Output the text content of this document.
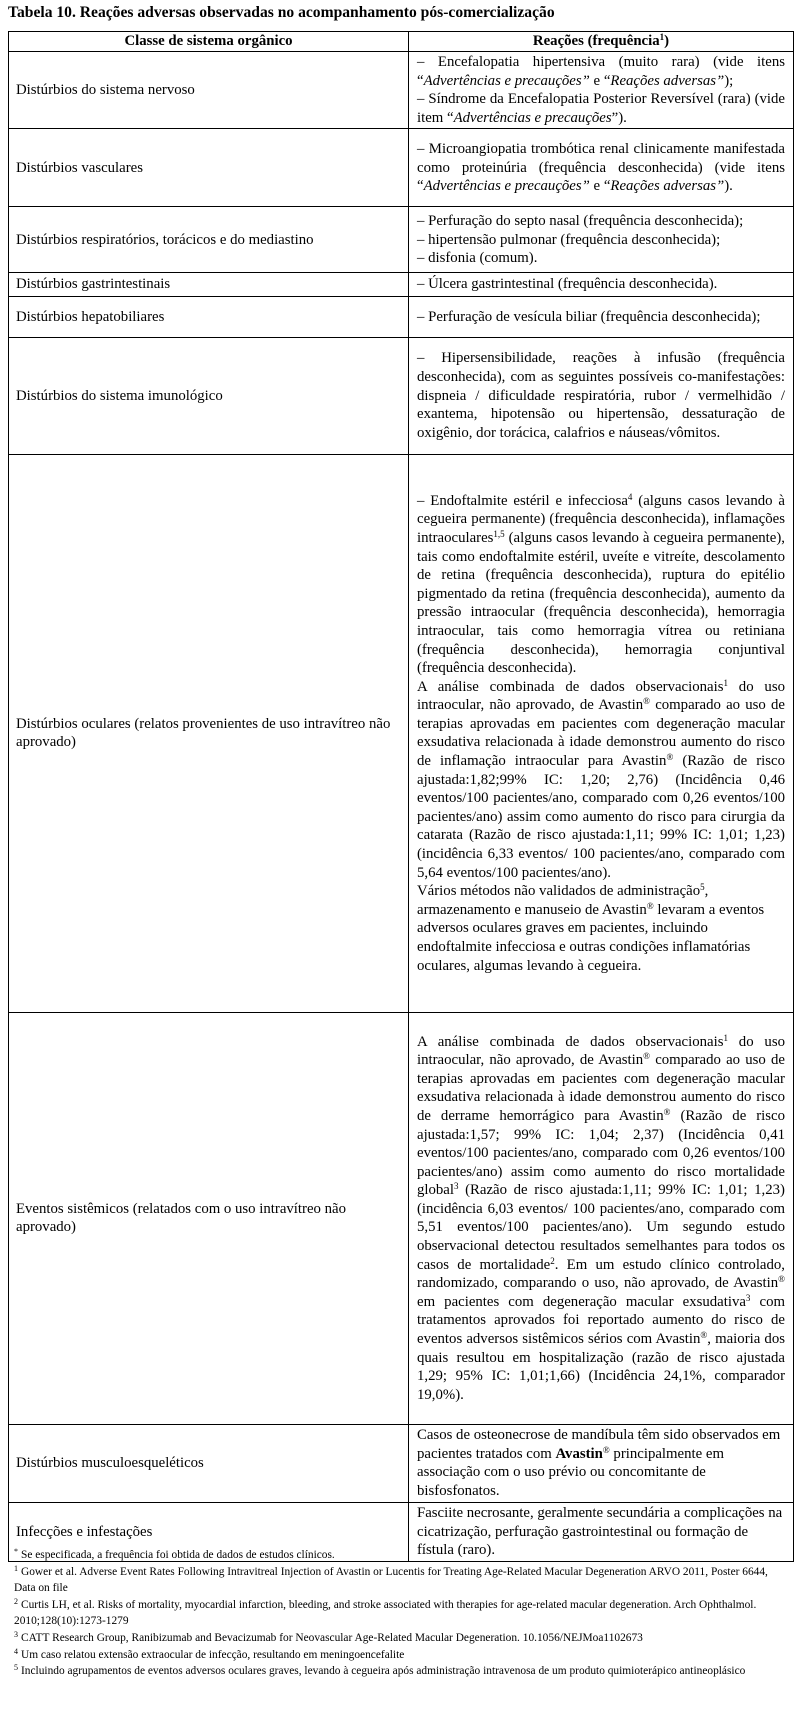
Tabela 10. Reações adversas observadas no acompanhamento pós-comercialização
Classe de sistema orgânico	Reações (frequência$^1$)
Distúrbios do sistema nervoso	– Encefalopatia hipertensiva (muito rara) (vide itens “Advertências e precauções” e “Reações adversas”);

– Síndrome da Encefalopatia Posterior Reversível (rara) (vide item “Advertências e precauções”).

Distúrbios vasculares	– Microangiopatia trombótica renal clinicamente manifestada como proteinúria (frequência desconhecida) (vide itens “Advertências e precauções” e “Reações adversas”).

Distúrbios respiratórios, torácicos e do mediastino	– Perfuração do septo nasal (frequência desconhecida);

– hipertensão pulmonar (frequência desconhecida);

– disfonia (comum).

Distúrbios gastrintestinais	– Úlcera gastrintestinal (frequência desconhecida).

Distúrbios hepatobiliares	– Perfuração de vesícula biliar (frequência desconhecida);

Distúrbios do sistema imunológico	– Hipersensibilidade, reações à infusão (frequência desconhecida), com as seguintes possíveis co-manifestações: dispneia / dificuldade respiratória, rubor / vermelhidão / exantema, hipotensão ou hipertensão, dessaturação de oxigênio, dor torácica, calafrios e náuseas/vômitos.

Distúrbios oculares (relatos provenientes de uso intravítreo não aprovado)	– Endoftalmite estéril e infecciosa$^4$ (alguns casos levando à cegueira permanente) (frequência desconhecida), inflamações intraoculares$^{1,5}$ (alguns casos levando à cegueira permanente), tais como endoftalmite estéril, uveíte e vitreíte, descolamento de retina (frequência desconhecida), ruptura do epitélio pigmentado da retina (frequência desconhecida), aumento da pressão intraocular (frequência desconhecida), hemorragia intraocular, tais como hemorragia vítrea ou retiniana (frequência desconhecida), hemorragia conjuntival (frequência desconhecida).

A análise combinada de dados observacionais$^1$ do uso intraocular, não aprovado, de Avastin® comparado ao uso de terapias aprovadas em pacientes com degeneração macular exsudativa relacionada à idade demonstrou aumento do risco de inflamação intraocular para Avastin® (Razão de risco ajustada:1,82;99% IC: 1,20; 2,76) (Incidência 0,46 eventos/100 pacientes/ano, comparado com 0,26 eventos/100 pacientes/ano) assim como aumento do risco para cirurgia da catarata (Razão de risco ajustada:1,11; 99% IC: 1,01; 1,23) (incidência 6,33 eventos/ 100 pacientes/ano, comparado com 5,64 eventos/100 pacientes/ano).

Vários métodos não validados de administração$^5$, armazenamento e manuseio de Avastin® levaram a eventos adversos oculares graves em pacientes, incluindo endoftalmite infecciosa e outras condições inflamatórias oculares, algumas levando à cegueira.

Eventos sistêmicos (relatados com o uso intravítreo não aprovado)	A análise combinada de dados observacionais$^1$ do uso intraocular, não aprovado, de Avastin® comparado ao uso de terapias aprovadas em pacientes com degeneração macular exsudativa relacionada à idade demonstrou aumento do risco de derrame hemorrágico para Avastin® (Razão de risco ajustada:1,57; 99% IC: 1,04; 2,37) (Incidência 0,41 eventos/100 pacientes/ano, comparado com 0,26 eventos/100 pacientes/ano) assim como aumento do risco mortalidade global$^3$ (Razão de risco ajustada:1,11; 99% IC: 1,01; 1,23) (incidência 6,03 eventos/ 100 pacientes/ano, comparado com 5,51 eventos/100 pacientes/ano). Um segundo estudo observacional detectou resultados semelhantes para todos os casos de mortalidade$^2$. Em um estudo clínico controlado, randomizado, comparando o uso, não aprovado, de Avastin® em pacientes com degeneração macular exsudativa$^3$ com tratamentos aprovados foi reportado aumento do risco de eventos adversos sistêmicos sérios com Avastin®, maioria dos quais resultou em hospitalização (razão de risco ajustada 1,29; 95% IC: 1,01;1,66) (Incidência 24,1%, comparador 19,0%).

Distúrbios musculoesqueléticos	Casos de osteonecrose de mandíbula têm sido observados em pacientes tratados com Avastin® principalmente em associação com o uso prévio ou concomitante de bisfosfonatos.

Infecções e infestações	Fasciite necrosante, geralmente secundária a complicações na cicatrização, perfuração gastrointestinal ou formação de fístula (raro).

* Se especificada, a frequência foi obtida de dados de estudos clínicos.

$^1$ Gower et al. Adverse Event Rates Following Intravitreal Injection of Avastin or Lucentis for Treating Age-Related Macular Degeneration ARVO 2011, Poster 6644, Data on file

$^2$ Curtis LH, et al. Risks of mortality, myocardial infarction, bleeding, and stroke associated with therapies for age-related macular degeneration. Arch Ophthalmol. 2010;128(10):1273-1279

$^3$ CATT Research Group, Ranibizumab and Bevacizumab for Neovascular Age-Related Macular Degeneration. 10.1056/NEJMoa1102673

$^4$ Um caso relatou extensão extraocular de infecção, resultando em meningoencefalite

$^5$ Incluindo agrupamentos de eventos adversos oculares graves, levando à cegueira após administração intravenosa de um produto quimioterápico antineoplásico
